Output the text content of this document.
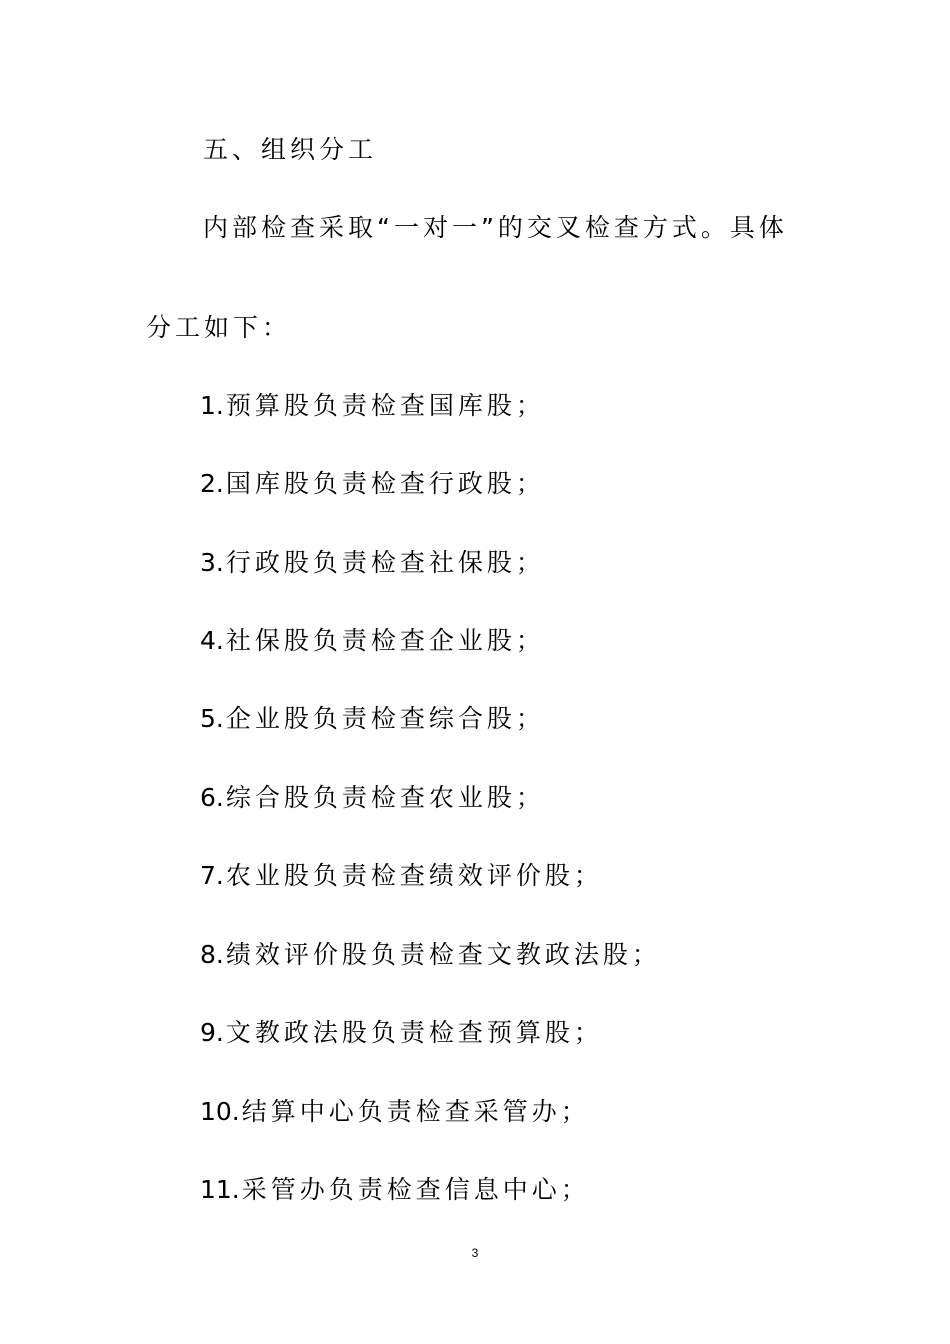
五、组织分工
内部检查采取“一对一”的交叉检查方式。具体
分工如下：
1.预算股负责检查国库股；
2.国库股负责检查行政股；
3.行政股负责检查社保股；
4.社保股负责检查企业股；
5.企业股负责检查综合股；
6.综合股负责检查农业股；
7.农业股负责检查绩效评价股；
8.绩效评价股负责检查文教政法股；
9.文教政法股负责检查预算股；
10.结算中心负责检查采管办；
11.采管办负责检查信息中心；
3
